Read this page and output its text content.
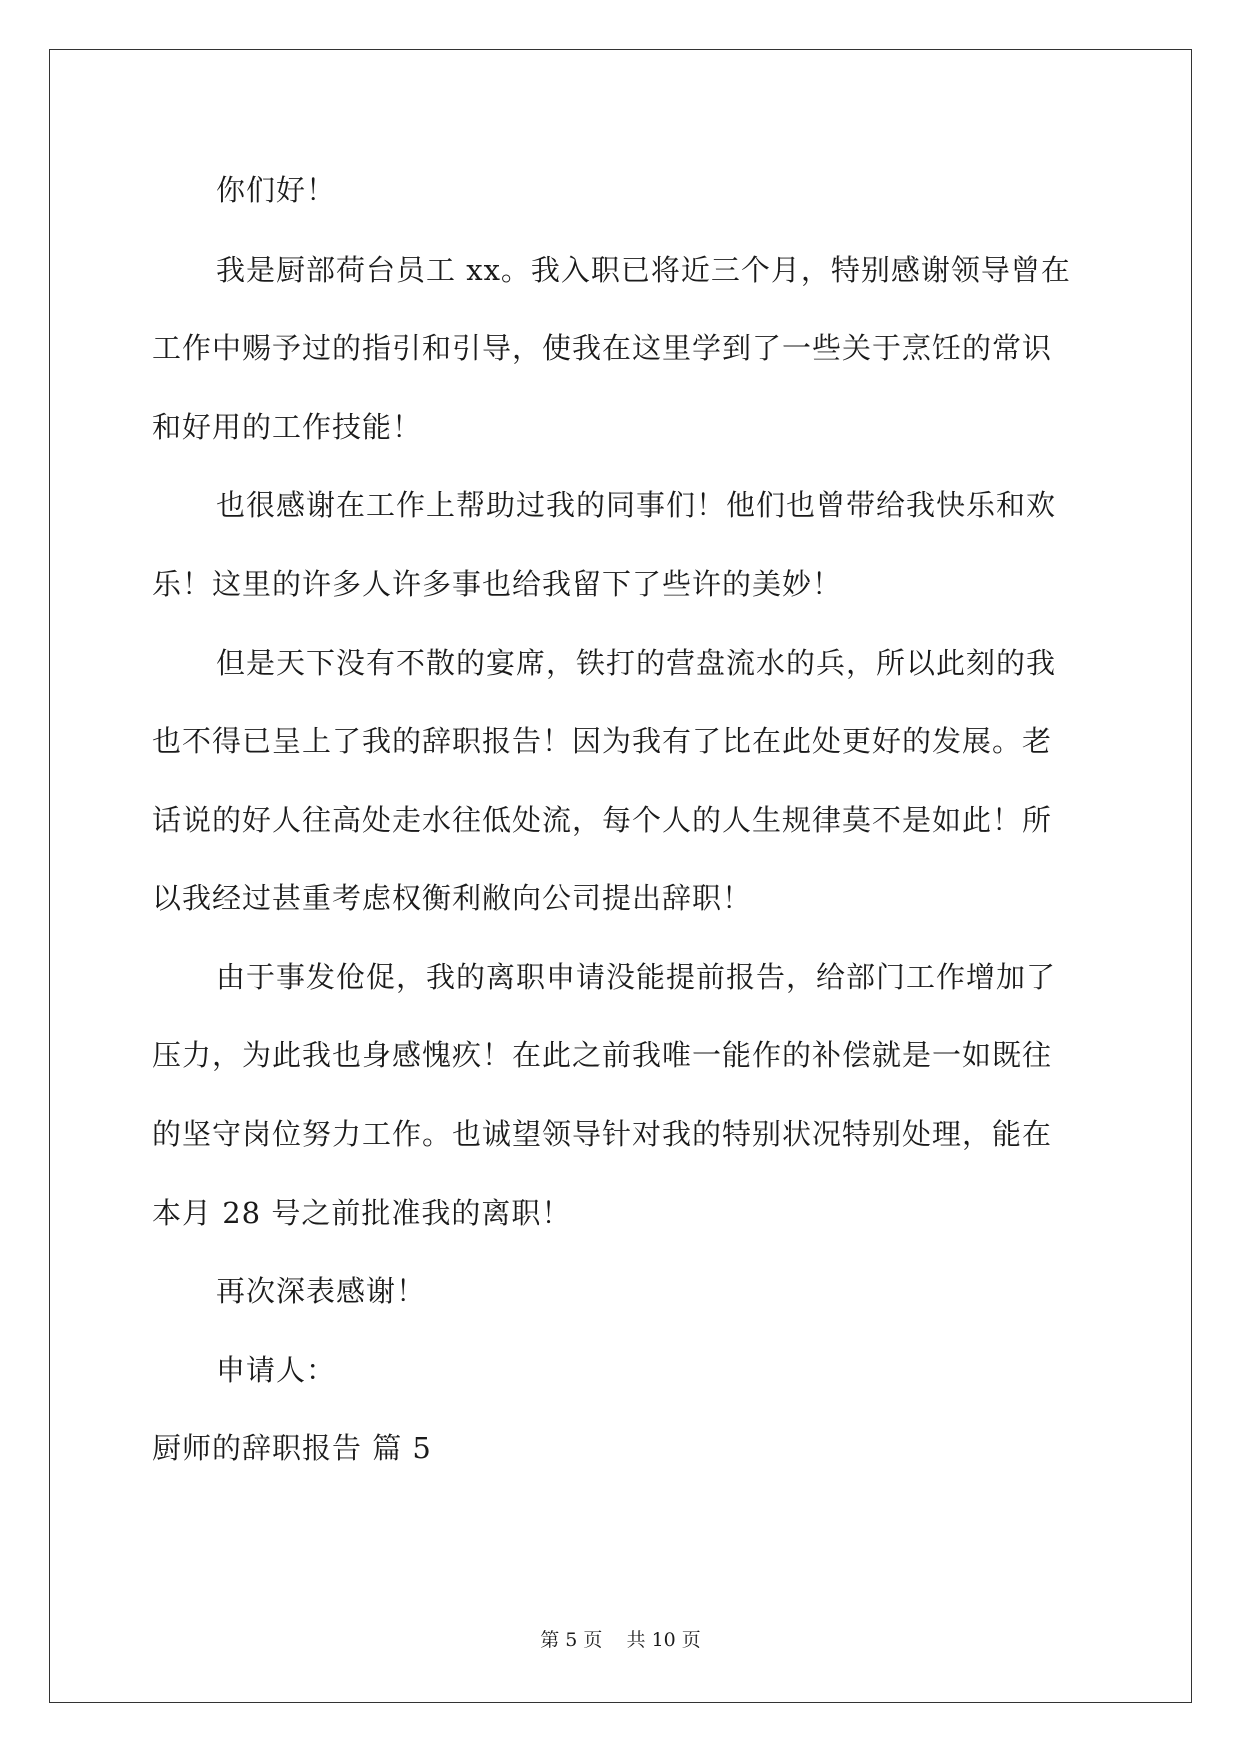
你们好！
我是厨部荷台员工 xx。我入职已将近三个月，特别感谢领导曾在
工作中赐予过的指引和引导，使我在这里学到了一些关于烹饪的常识
和好用的工作技能！
也很感谢在工作上帮助过我的同事们！他们也曾带给我快乐和欢
乐！这里的许多人许多事也给我留下了些许的美妙！
但是天下没有不散的宴席，铁打的营盘流水的兵，所以此刻的我
也不得已呈上了我的辞职报告！因为我有了比在此处更好的发展。老
话说的好人往高处走水往低处流，每个人的人生规律莫不是如此！所
以我经过甚重考虑权衡利敝向公司提出辞职！
由于事发伧促，我的离职申请没能提前报告，给部门工作增加了
压力，为此我也身感愧疚！在此之前我唯一能作的补偿就是一如既往
的坚守岗位努力工作。也诚望领导针对我的特别状况特别处理，能在
本月 28 号之前批准我的离职！
再次深表感谢！
申请人：
厨师的辞职报告 篇 5
第 5 页    共 10 页
